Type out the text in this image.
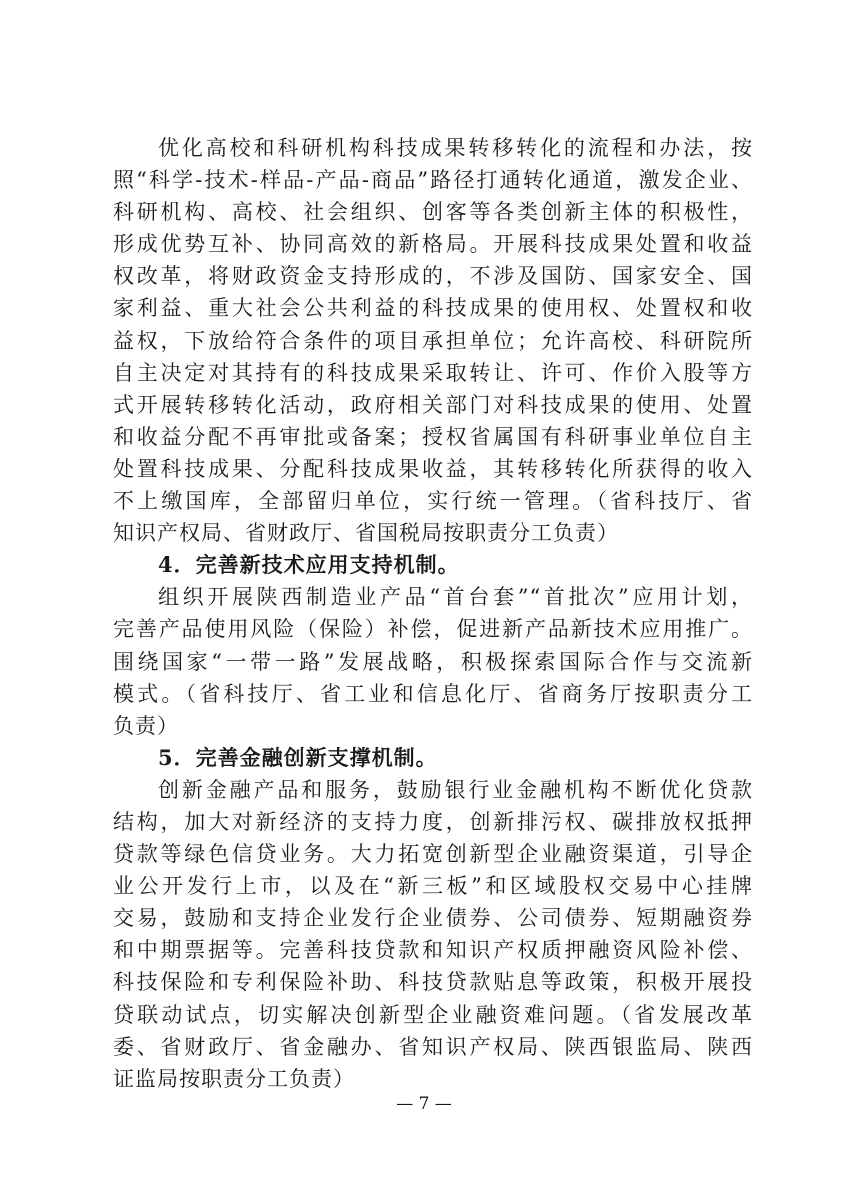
优化高校和科研机构科技成果转移转化的流程和办法，按
照“科学-技术-样品-产品-商品”路径打通转化通道，激发企业、
科研机构、高校、社会组织、创客等各类创新主体的积极性，
形成优势互补、协同高效的新格局。开展科技成果处置和收益
权改革，将财政资金支持形成的，不涉及国防、国家安全、国
家利益、重大社会公共利益的科技成果的使用权、处置权和收
益权，下放给符合条件的项目承担单位；允许高校、科研院所
自主决定对其持有的科技成果采取转让、许可、作价入股等方
式开展转移转化活动，政府相关部门对科技成果的使用、处置
和收益分配不再审批或备案；授权省属国有科研事业单位自主
处置科技成果、分配科技成果收益，其转移转化所获得的收入
不上缴国库，全部留归单位，实行统一管理。（省科技厅、省
知识产权局、省财政厅、省国税局按职责分工负责）
4．完善新技术应用支持机制。
组织开展陕西制造业产品“首台套”“首批次”应用计划，
完善产品使用风险（保险）补偿，促进新产品新技术应用推广。
围绕国家“一带一路”发展战略，积极探索国际合作与交流新
模式。（省科技厅、省工业和信息化厅、省商务厅按职责分工
负责）
5．完善金融创新支撑机制。
创新金融产品和服务，鼓励银行业金融机构不断优化贷款
结构，加大对新经济的支持力度，创新排污权、碳排放权抵押
贷款等绿色信贷业务。大力拓宽创新型企业融资渠道，引导企
业公开发行上市，以及在“新三板”和区域股权交易中心挂牌
交易，鼓励和支持企业发行企业债券、公司债券、短期融资券
和中期票据等。完善科技贷款和知识产权质押融资风险补偿、
科技保险和专利保险补助、科技贷款贴息等政策，积极开展投
贷联动试点，切实解决创新型企业融资难问题。（省发展改革
委、省财政厅、省金融办、省知识产权局、陕西银监局、陕西
证监局按职责分工负责）
— 7 —
